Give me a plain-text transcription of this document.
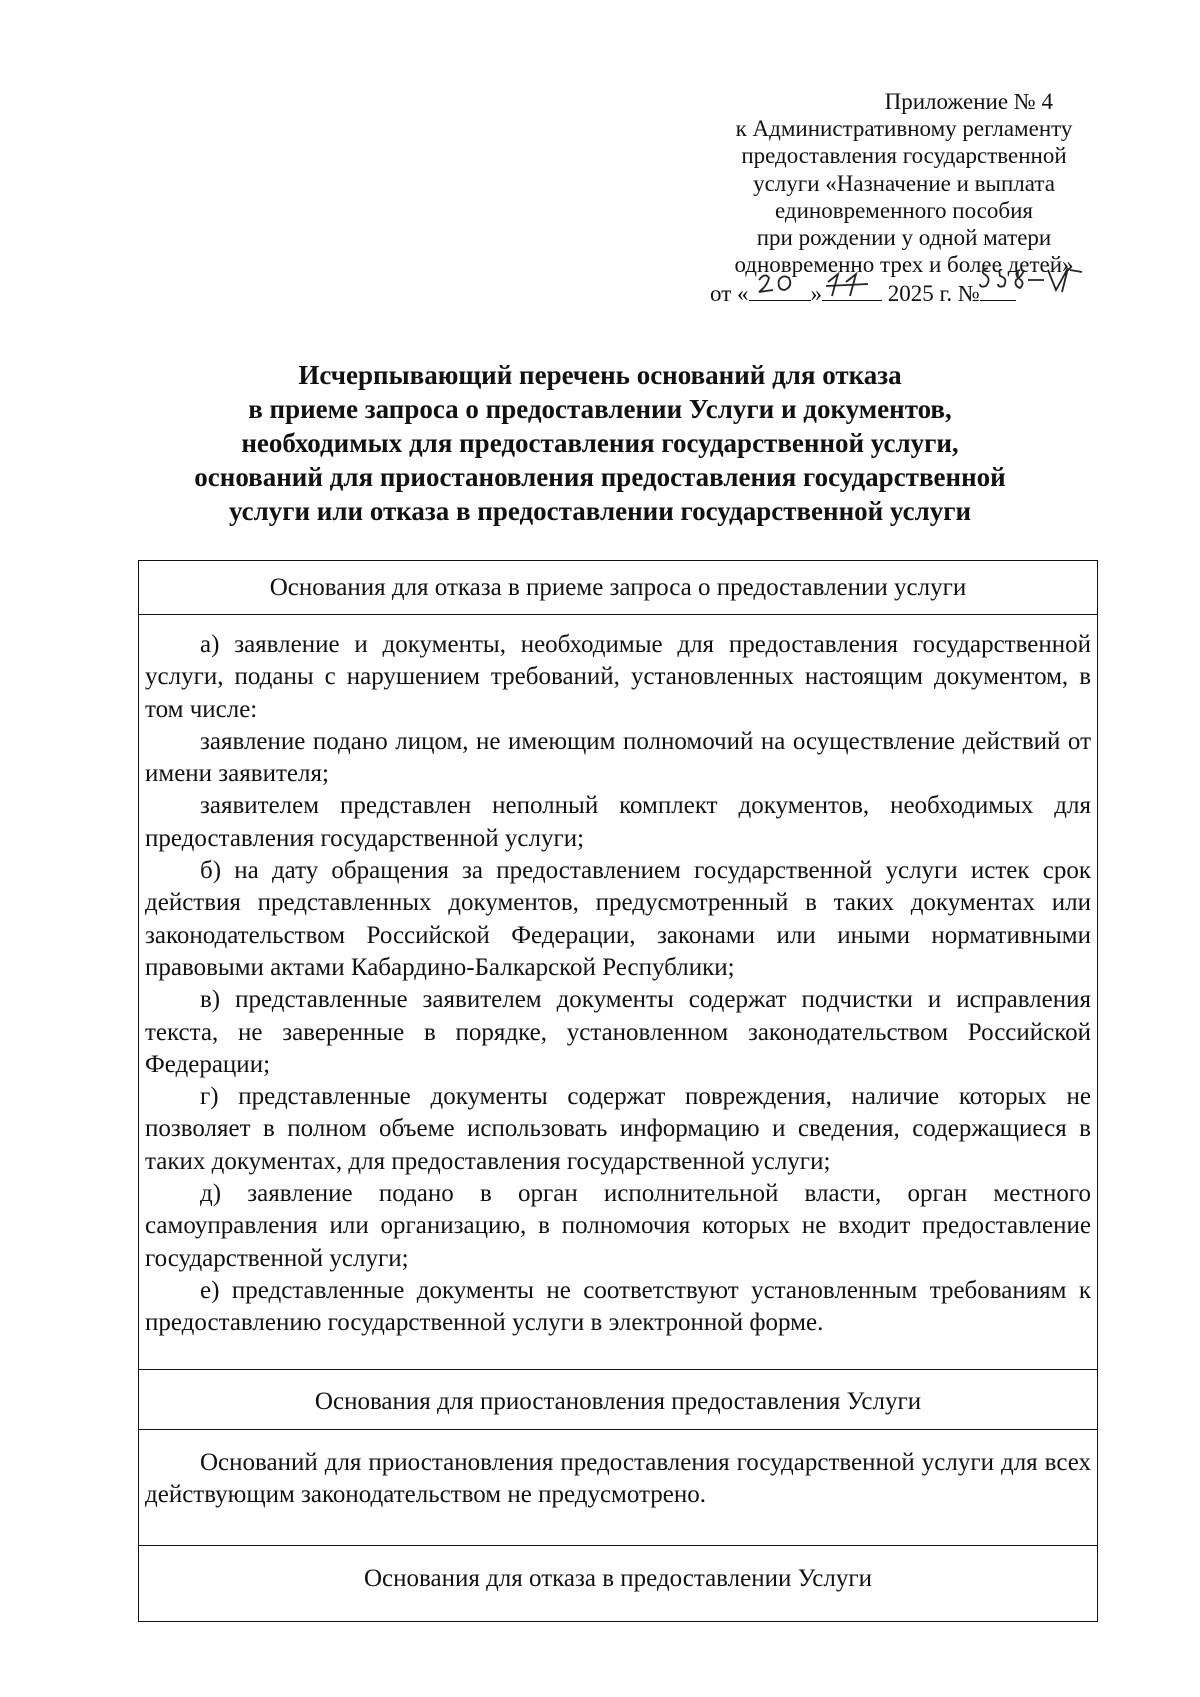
Приложение № 4
к Административному регламенту
предоставления государственной
услуги «Назначение и выплата
единовременного пособия
при рождении у одной матери
одновременно трех и более детей»
от «	»	2025 г. №
Исчерпывающий перечень оснований для отказа
в приеме запроса о предоставлении Услуги и документов,
необходимых для предоставления государственной услуги,
оснований для приостановления предоставления государственной
услуги или отказа в предоставлении государственной услуги
Основания для отказа в приеме запроса о предоставлении услуги

а) заявление и документы, необходимые для предоставления государственной услуги, поданы с нарушением требований, установленных настоящим документом, в том числе:

заявление подано лицом, не имеющим полномочий на осуществление действий от имени заявителя;

заявителем представлен неполный комплект документов, необходимых для предоставления государственной услуги;

б) на дату обращения за предоставлением государственной услуги истек срок действия представленных документов, предусмотренный в таких документах или законодательством Российской Федерации, законами или иными нормативными правовыми актами Кабардино-Балкарской Республики;

в) представленные заявителем документы содержат подчистки и исправления текста, не заверенные в порядке, установленном законодательством Российской Федерации;

г) представленные документы содержат повреждения, наличие которых не позволяет в полном объеме использовать информацию и сведения, содержащиеся в таких документах, для предоставления государственной услуги;

д) заявление подано в орган исполнительной власти, орган местного самоуправления или организацию, в полномочия которых не входит предоставление государственной услуги;

е) представленные документы не соответствуют установленным требованиям к предоставлению государственной услуги в электронной форме.

Основания для приостановления предоставления Услуги

Оснований для приостановления предоставления государственной услуги для всех действующим законодательством не предусмотрено.

Основания для отказа в предоставлении Услуги
